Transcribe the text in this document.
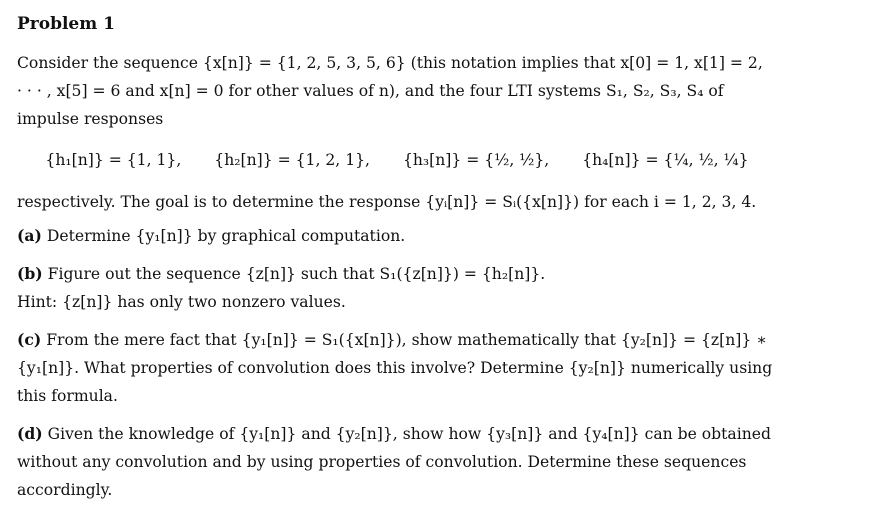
Problem 1

Consider the sequence {x[n]} = {1, 2, 5, 3, 5, 6} (this notation implies that x[0] = 1, x[1] = 2,
· · · , x[5] = 6 and x[n] = 0 for other values of n), and the four LTI systems S₁, S₂, S₃, S₄ of
impulse responses

{h₁[n]} = {1, 1}, {h₂[n]} = {1, 2, 1}, {h₃[n]} = {½, ½}, {h₄[n]} = {¼, ½, ¼}

respectively. The goal is to determine the response {yᵢ[n]} = Sᵢ({x[n]}) for each i = 1, 2, 3, 4.

(a) Determine {y₁[n]} by graphical computation.

(b) Figure out the sequence {z[n]} such that S₁({z[n]}) = {h₂[n]}.
Hint: {z[n]} has only two nonzero values.

(c) From the mere fact that {y₁[n]} = S₁({x[n]}), show mathematically that {y₂[n]} = {z[n]} ∗
{y₁[n]}. What properties of convolution does this involve? Determine {y₂[n]} numerically using
this formula.

(d) Given the knowledge of {y₁[n]} and {y₂[n]}, show how {y₃[n]} and {y₄[n]} can be obtained
without any convolution and by using properties of convolution. Determine these sequences
accordingly.
